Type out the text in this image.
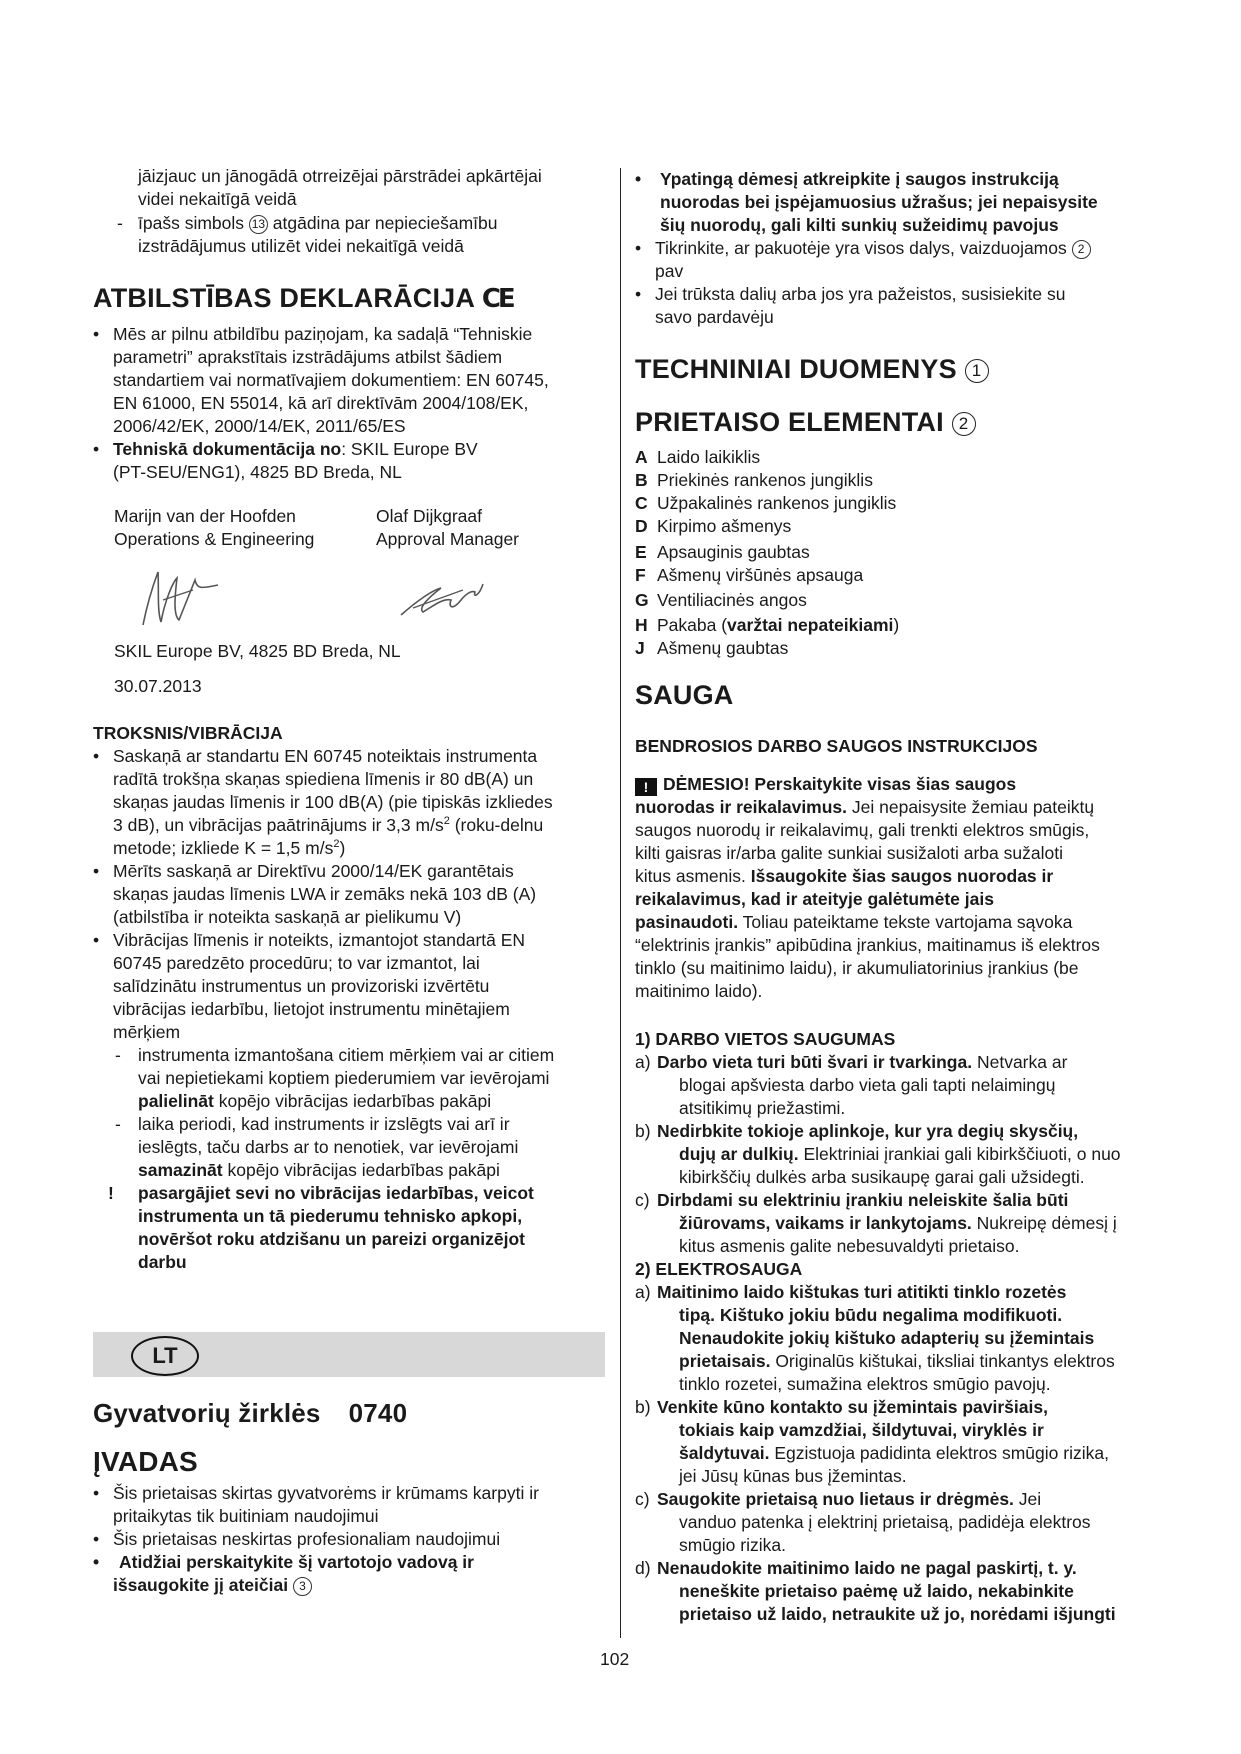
jāizjauc un jānogādā otrreizējai pārstrādei apkārtējai
videi nekaitīgā veidā
- īpašs simbols 13 atgādina par nepieciešamību
izstrādājumus utilizēt videi nekaitīgā veidā
ATBILSTĪBAS DEKLARĀCIJA CE
• Mēs ar pilnu atbildību paziņojam, ka sadaļā “Tehniskie
parametri” aprakstītais izstrādājums atbilst šādiem
standartiem vai normatīvajiem dokumentiem: EN 60745,
EN 61000, EN 55014, kā arī direktīvām 2004/108/EK,
2006/42/EK, 2000/14/EK, 2011/65/ES
• Tehniskā dokumentācija no: SKIL Europe BV
(PT-SEU/ENG1), 4825 BD Breda, NL
Marijn van der Hoofden
Operations & Engineering
Olaf Dijkgraaf
Approval Manager
SKIL Europe BV, 4825 BD Breda, NL
30.07.2013
TROKSNIS/VIBRĀCIJA
• Saskaņā ar standartu EN 60745 noteiktais instrumenta
radītā trokšņa skaņas spiediena līmenis ir 80 dB(A) un
skaņas jaudas līmenis ir 100 dB(A) (pie tipiskās izkliedes
3 dB), un vibrācijas paātrinājums ir 3,3 $m/s^2$ (roku-delnu
metode; izkliede K = 1,5 $m/s^2$)
• Mērīts saskaņā ar Direktīvu 2000/14/EK garantētais
skaņas jaudas līmenis LWA ir zemāks nekā 103 dB (A)
(atbilstība ir noteikta saskaņā ar pielikumu V)
• Vibrācijas līmenis ir noteikts, izmantojot standartā EN
60745 paredzēto procedūru; to var izmantot, lai
salīdzinātu instrumentus un provizoriski izvērtētu
vibrācijas iedarbību, lietojot instrumentu minētajiem
mērķiem
- instrumenta izmantošana citiem mērķiem vai ar citiem
vai nepietiekami koptiem piederumiem var ievērojami
palielināt kopējo vibrācijas iedarbības pakāpi
- laika periodi, kad instruments ir izslēgts vai arī ir
ieslēgts, taču darbs ar to nenotiek, var ievērojami
samazināt kopējo vibrācijas iedarbības pakāpi
! pasargājiet sevi no vibrācijas iedarbības, veicot
instrumenta un tā piederumu tehnisko apkopi,
novēršot roku atdzišanu un pareizi organizējot
darbu
Gyvatvorių žirklės 0740
ĮVADAS
• Šis prietaisas skirtas gyvatvorėms ir krūmams karpyti ir
pritaikytas tik buitiniam naudojimui
• Šis prietaisas neskirtas profesionaliam naudojimui
•	Atidžiai perskaitykite šį vartotojo vadovą ir
išsaugokite jį ateičiai 3
LT
• Ypatingą dėmesį atkreipkite į saugos instrukciją
nuorodas bei įspėjamuosius užrašus; jei nepaisysite
šių nuorodų, gali kilti sunkių sužeidimų pavojus
• Tikrinkite, ar pakuotėje yra visos dalys, vaizduojamos 2
pav
• Jei trūksta dalių arba jos yra pažeistos, susisiekite su
savo pardavėju
TECHNINIAI DUOMENYS 1
PRIETAISO ELEMENTAI 2
A Laido laikiklis
B Priekinės rankenos jungiklis
C Užpakalinės rankenos jungiklis
D Kirpimo ašmenys
E Apsauginis gaubtas
F Ašmenų viršūnės apsauga
G Ventiliacinės angos
H Pakaba (varžtai nepateikiami)
J Ašmenų gaubtas
SAUGA
BENDROSIOS DARBO SAUGOS INSTRUKCIJOS
! DĖMESIO! Perskaitykite visas šias saugos
nuorodas ir reikalavimus. Jei nepaisysite žemiau pateiktų
saugos nuorodų ir reikalavimų, gali trenkti elektros smūgis,
kilti gaisras ir/arba galite sunkiai susižaloti arba sužaloti
kitus asmenis. Išsaugokite šias saugos nuorodas ir
reikalavimus, kad ir ateityje galėtumėte jais
pasinaudoti. Toliau pateiktame tekste vartojama sąvoka
“elektrinis įrankis” apibūdina įrankius, maitinamus iš elektros
tinklo (su maitinimo laidu), ir akumuliatorinius įrankius (be
maitinimo laido).
1) DARBO VIETOS SAUGUMAS
a) Darbo vieta turi būti švari ir tvarkinga. Netvarka ar
blogai apšviesta darbo vieta gali tapti nelaimingų
atsitikimų priežastimi.
b) Nedirbkite tokioje aplinkoje, kur yra degių skysčių,
dujų ar dulkių. Elektriniai įrankiai gali kibirkščiuoti, o nuo
kibirkščių dulkės arba susikaupę garai gali užsidegti.
c) Dirbdami su elektriniu įrankiu neleiskite šalia būti
žiūrovams, vaikams ir lankytojams. Nukreipę dėmesį į
kitus asmenis galite nebesuvaldyti prietaiso.
2) ELEKTROSAUGA
a) Maitinimo laido kištukas turi atitikti tinklo rozetės
tipą. Kištuko jokiu būdu negalima modifikuoti.
Nenaudokite jokių kištuko adapterių su įžemintais
prietaisais. Originalūs kištukai, tiksliai tinkantys elektros
tinklo rozetei, sumažina elektros smūgio pavojų.
b) Venkite kūno kontakto su įžemintais paviršiais,
tokiais kaip vamzdžiai, šildytuvai, viryklės ir
šaldytuvai. Egzistuoja padidinta elektros smūgio rizika,
jei Jūsų kūnas bus įžemintas.
c) Saugokite prietaisą nuo lietaus ir drėgmės. Jei
vanduo patenka į elektrinį prietaisą, padidėja elektros
smūgio rizika.
d) Nenaudokite maitinimo laido ne pagal paskirtį, t. y.
neneškite prietaiso paėmę už laido, nekabinkite
prietaiso už laido, netraukite už jo, norėdami išjungti
102
